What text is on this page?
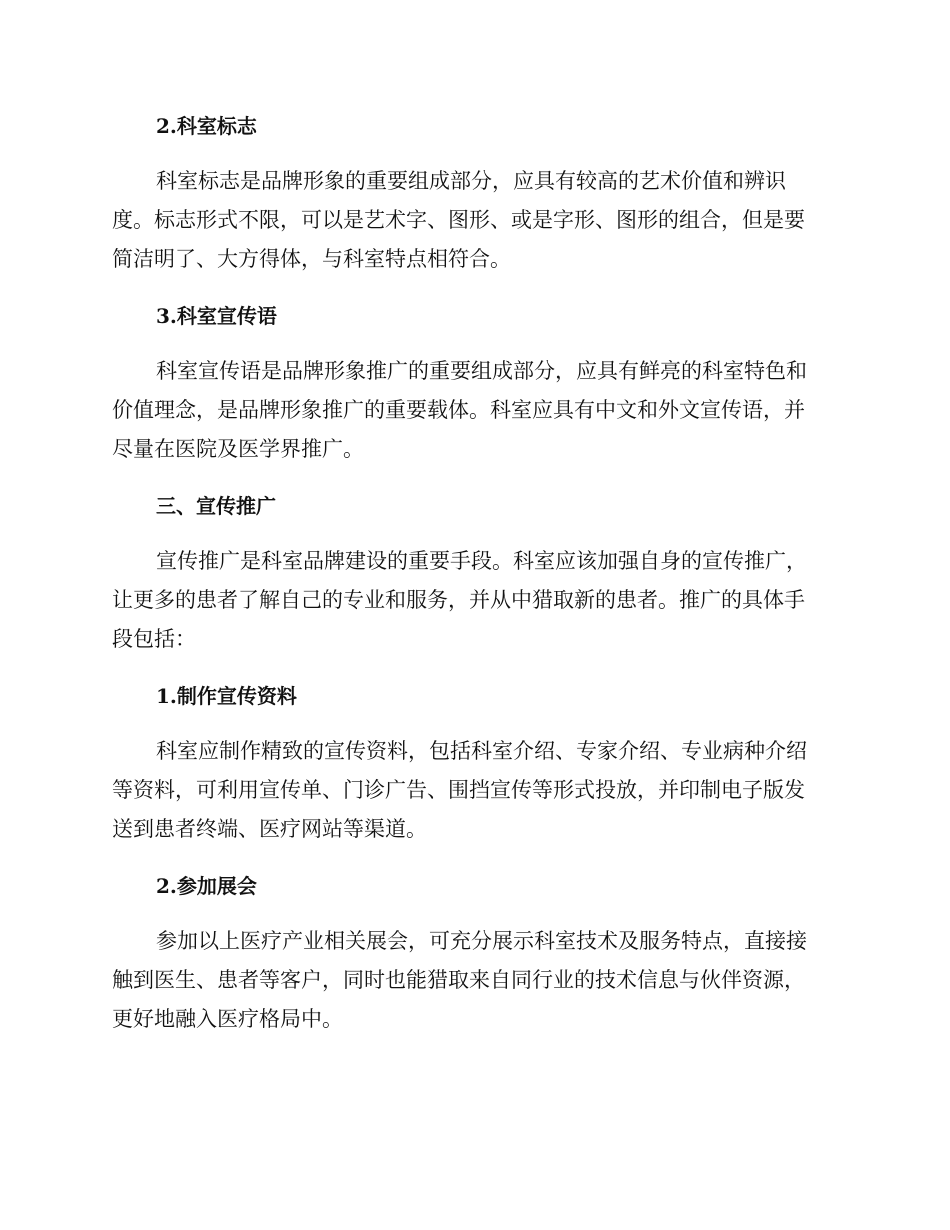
2.科室标志

科室标志是品牌形象的重要组成部分，应具有较高的艺术价值和辨识
度。标志形式不限，可以是艺术字、图形、或是字形、图形的组合，但是要
简洁明了、大方得体，与科室特点相符合。

3.科室宣传语

科室宣传语是品牌形象推广的重要组成部分，应具有鲜亮的科室特色和
价值理念，是品牌形象推广的重要载体。科室应具有中文和外文宣传语，并
尽量在医院及医学界推广。

三、宣传推广

宣传推广是科室品牌建设的重要手段。科室应该加强自身的宣传推广，
让更多的患者了解自己的专业和服务，并从中猎取新的患者。推广的具体手
段包括：

1.制作宣传资料

科室应制作精致的宣传资料，包括科室介绍、专家介绍、专业病种介绍
等资料，可利用宣传单、门诊广告、围挡宣传等形式投放，并印制电子版发
送到患者终端、医疗网站等渠道。

2.参加展会

参加以上医疗产业相关展会，可充分展示科室技术及服务特点，直接接
触到医生、患者等客户，同时也能猎取来自同行业的技术信息与伙伴资源，
更好地融入医疗格局中。
